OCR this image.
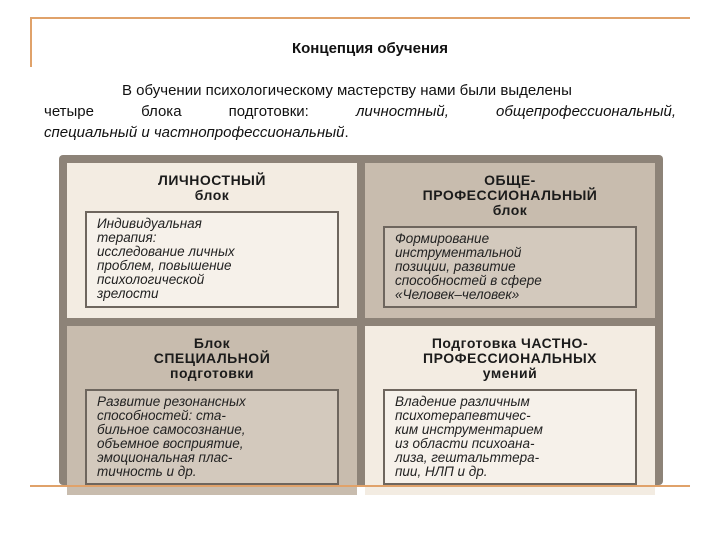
Концепция обучения
В обучении психологическому мастерству нами были выделены
четыре блока подготовки: личностный, общепрофессиональный,
специальный и частнопрофессиональный.
ЛИЧНОСТНЫЙ
блок
Индивидуальная
терапия:
исследование личных
проблем, повышение
психологической
зрелости
ОБЩЕ-
ПРОФЕССИОНАЛЬНЫЙ
блок
Формирование
инструментальной
позиции, развитие
способностей в сфере
«Человек–человек»
Блок
СПЕЦИАЛЬНОЙ
подготовки
Развитие резонансных
способностей: ста-
бильное самосознание,
объемное восприятие,
эмоциональная плас-
тичность и др.
Подготовка ЧАСТНО-
ПРОФЕССИОНАЛЬНЫХ
умений
Владение различным
психотерапевтичес-
ким инструментарием
из области психоана-
лиза, гештальттера-
пии, НЛП и др.
